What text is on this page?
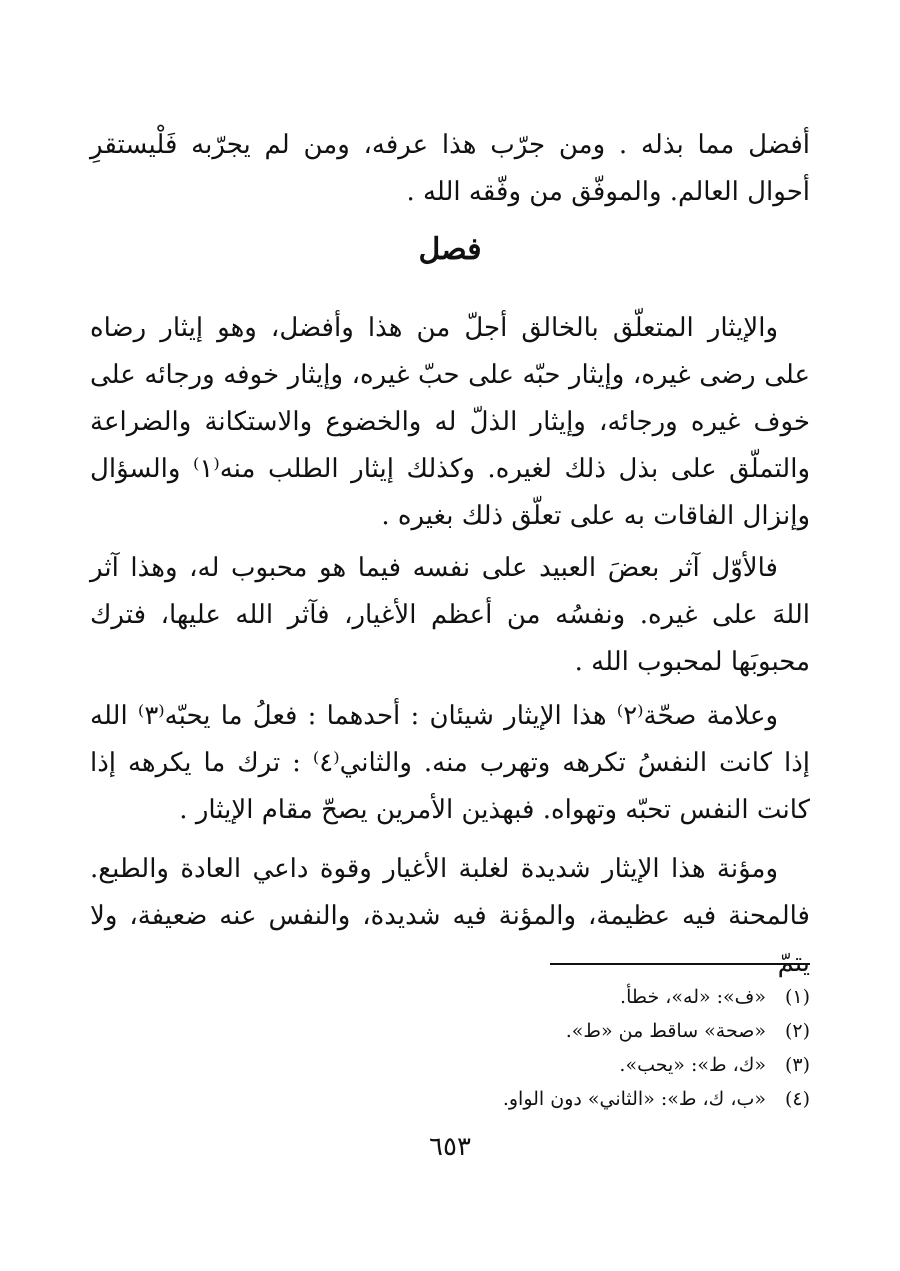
أفضل مما بذله . ومن جرّب هذا عرفه، ومن لم يجرّبه فَلْيستقرِ أحوال العالم. والموفّق من وفّقه الله .

فصل

والإيثار المتعلّق بالخالق أجلّ من هذا وأفضل، وهو إيثار رضاه على رضى غيره، وإيثار حبّه على حبّ غيره، وإيثار خوفه ورجائه على خوف غيره ورجائه، وإيثار الذلّ له والخضوع والاستكانة والضراعة والتملّق على بذل ذلك لغيره. وكذلك إيثار الطلب منه⁽١⁾ والسؤال وإنزال الفاقات به على تعلّق ذلك بغيره .

فالأوّل آثر بعضَ العبيد على نفسه فيما هو محبوب له، وهذا آثر اللهَ على غيره. ونفسُه من أعظم الأغيار، فآثر الله عليها، فترك محبوبَها لمحبوب الله .

وعلامة صحّة⁽٢⁾ هذا الإيثار شيئان : أحدهما : فعلُ ما يحبّه⁽٣⁾ الله إذا كانت النفسُ تكرهه وتهرب منه. والثاني⁽٤⁾ : ترك ما يكرهه إذا كانت النفس تحبّه وتهواه. فبهذين الأمرين يصحّ مقام الإيثار .

ومؤنة هذا الإيثار شديدة لغلبة الأغيار وقوة داعي العادة والطبع. فالمحنة فيه عظيمة، والمؤنة فيه شديدة، والنفس عنه ضعيفة، ولا يتمّ

(١)
«ف»: «له»، خطأ.
(٢)
«صحة» ساقط من «ط».
(٣)
«ك، ط»: «يحب».
(٤)
«ب، ك، ط»: «الثاني» دون الواو.
٦٥٣
